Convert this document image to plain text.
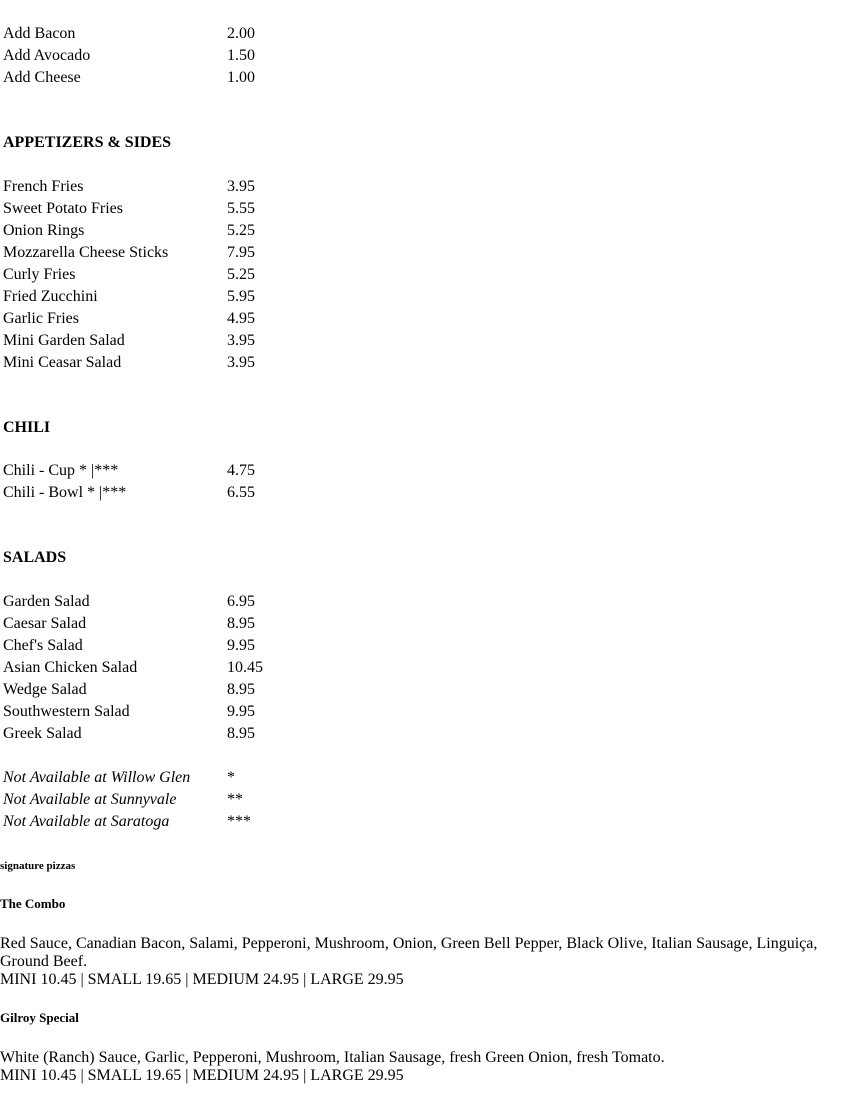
Add Bacon	2.00
Add Avocado	1.50
Add Cheese	1.00
APPETIZERS & SIDES
French Fries	3.95
Sweet Potato Fries	5.55
Onion Rings	5.25
Mozzarella Cheese Sticks	7.95
Curly Fries	5.25
Fried Zucchini	5.95
Garlic Fries	4.95
Mini Garden Salad	3.95
Mini Ceasar Salad	3.95
CHILI
Chili - Cup * |***	4.75
Chili - Bowl * |***	6.55
SALADS
Garden Salad	6.95
Caesar Salad	8.95
Chef's Salad	9.95
Asian Chicken Salad	10.45
Wedge Salad	8.95
Southwestern Salad	9.95
Greek Salad	8.95
Not Available at Willow Glen *
Not Available at Sunnyvale	**
Not Available at Saratoga	***
signature pizzas
The Combo
Red Sauce, Canadian Bacon, Salami, Pepperoni, Mushroom, Onion, Green Bell Pepper, Black Olive, Italian Sausage, Linguiça, Ground Beef.
MINI 10.45 | SMALL 19.65 | MEDIUM 24.95 | LARGE 29.95
Gilroy Special
White (Ranch) Sauce, Garlic, Pepperoni, Mushroom, Italian Sausage, fresh Green Onion, fresh Tomato.
MINI 10.45 | SMALL 19.65 | MEDIUM 24.95 | LARGE 29.95
